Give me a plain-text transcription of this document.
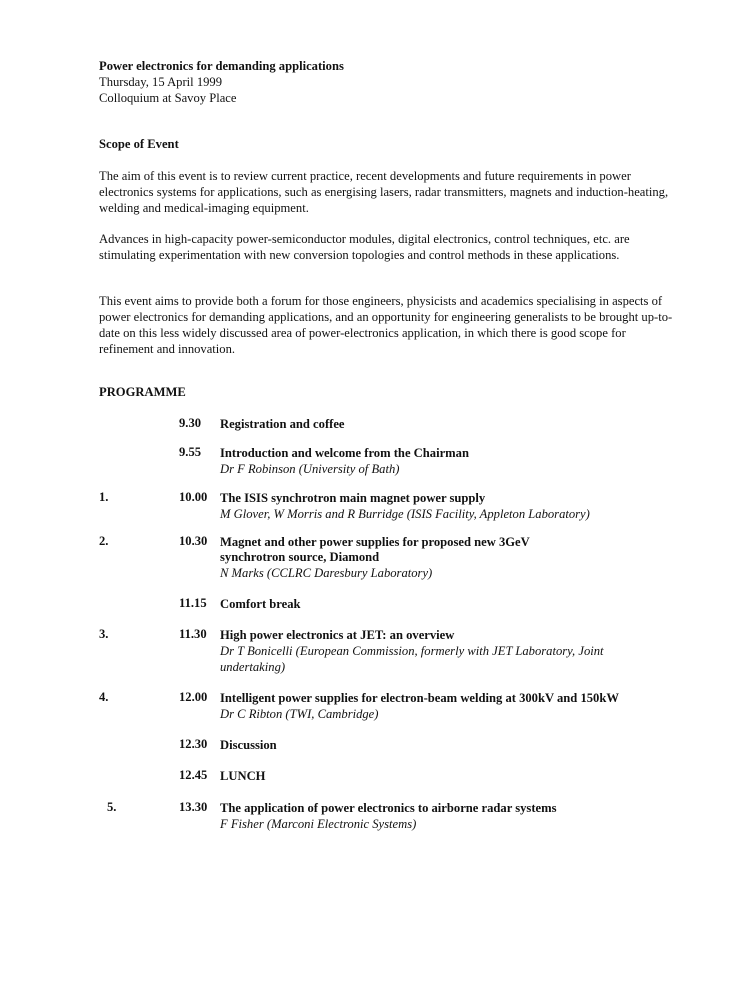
Power electronics for demanding applications
Thursday, 15 April 1999
Colloquium at Savoy Place
Scope of Event
The aim of this event is to review current practice, recent developments and future requirements in power electronics systems for applications, such as energising lasers, radar transmitters, magnets and induction-heating, welding and medical-imaging equipment.
Advances in high-capacity power-semiconductor modules, digital electronics, control techniques, etc. are stimulating experimentation with new conversion topologies and control methods in these applications.
This event aims to provide both a forum for those engineers, physicists and academics specialising in aspects of power electronics for demanding applications, and an opportunity for engineering generalists to be brought up-to-date on this less widely discussed area of power-electronics application, in which there is good scope for refinement and innovation.
PROGRAMME
9.30 Registration and coffee
9.55 Introduction and welcome from the Chairman
Dr F Robinson (University of Bath)
1.	10.00 The ISIS synchrotron main magnet power supply
M Glover, W Morris and R Burridge (ISIS Facility, Appleton Laboratory)
2.	10.30 Magnet and other power supplies for proposed new 3GeV
synchrotron source, Diamond
N Marks (CCLRC Daresbury Laboratory)
11.15 Comfort break
3.	11.30 High power electronics at JET: an overview
Dr T Bonicelli (European Commission, formerly with JET Laboratory, Joint
undertaking)
4.	12.00 Intelligent power supplies for electron-beam welding at 300kV and 150kW
Dr C Ribton (TWI, Cambridge)
12.30 Discussion
12.45 LUNCH
5.	13.30 The application of power electronics to airborne radar systems
F Fisher (Marconi Electronic Systems)
